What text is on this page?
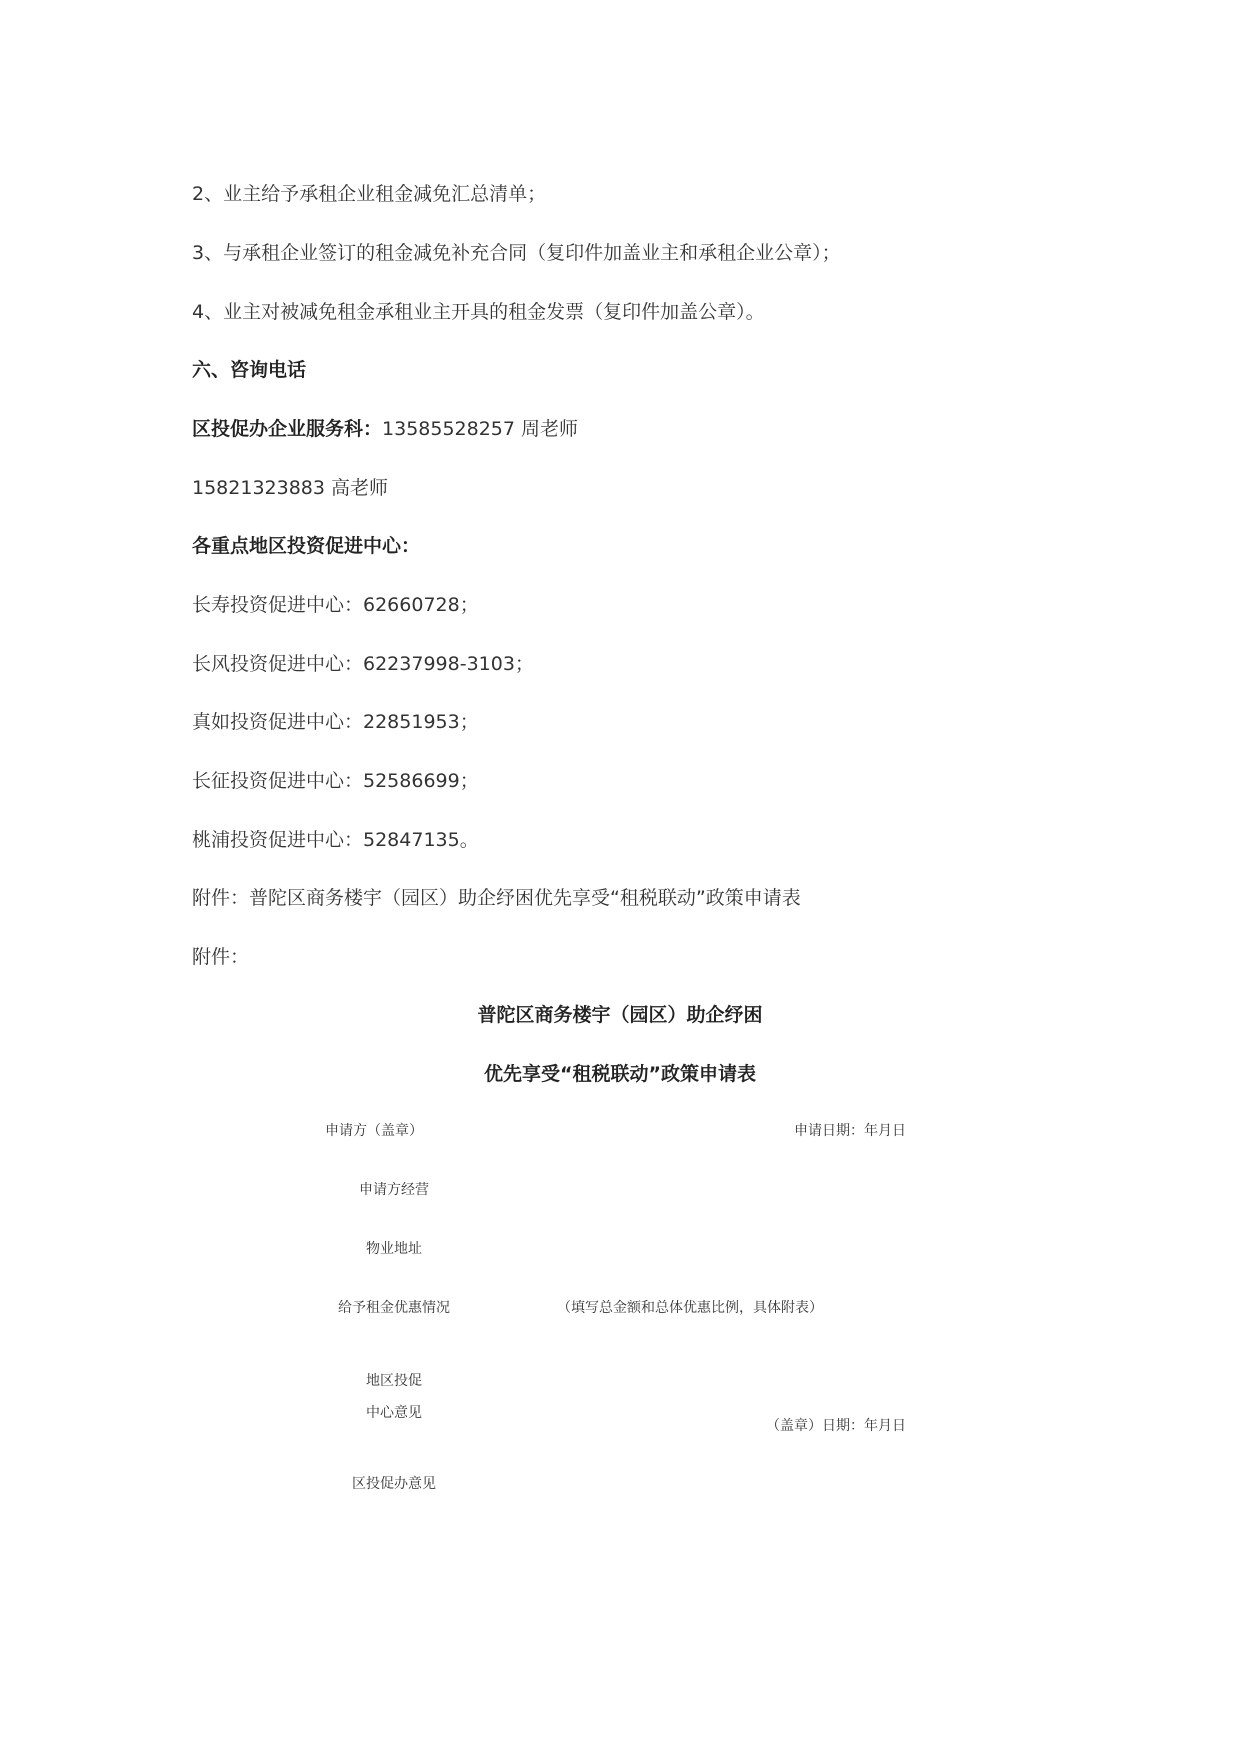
2、业主给予承租企业租金减免汇总清单；
3、与承租企业签订的租金减免补充合同（复印件加盖业主和承租企业公章）；
4、业主对被减免租金承租业主开具的租金发票（复印件加盖公章）。
六、咨询电话
区投促办企业服务科：13585528257 周老师
15821323883 高老师
各重点地区投资促进中心：
长寿投资促进中心：62660728；
长风投资促进中心：62237998-3103；
真如投资促进中心：22851953；
长征投资促进中心：52586699；
桃浦投资促进中心：52847135。
附件：普陀区商务楼宇（园区）助企纾困优先享受“租税联动”政策申请表
附件：
普陀区商务楼宇（园区）助企纾困
优先享受“租税联动”政策申请表
申请方（盖章）	申请日期：年月日
申请方经营
物业地址
给予租金优惠情况	（填写总金额和总体优惠比例，具体附表）
地区投促
中心意见
（盖章）日期：年月日
区投促办意见
